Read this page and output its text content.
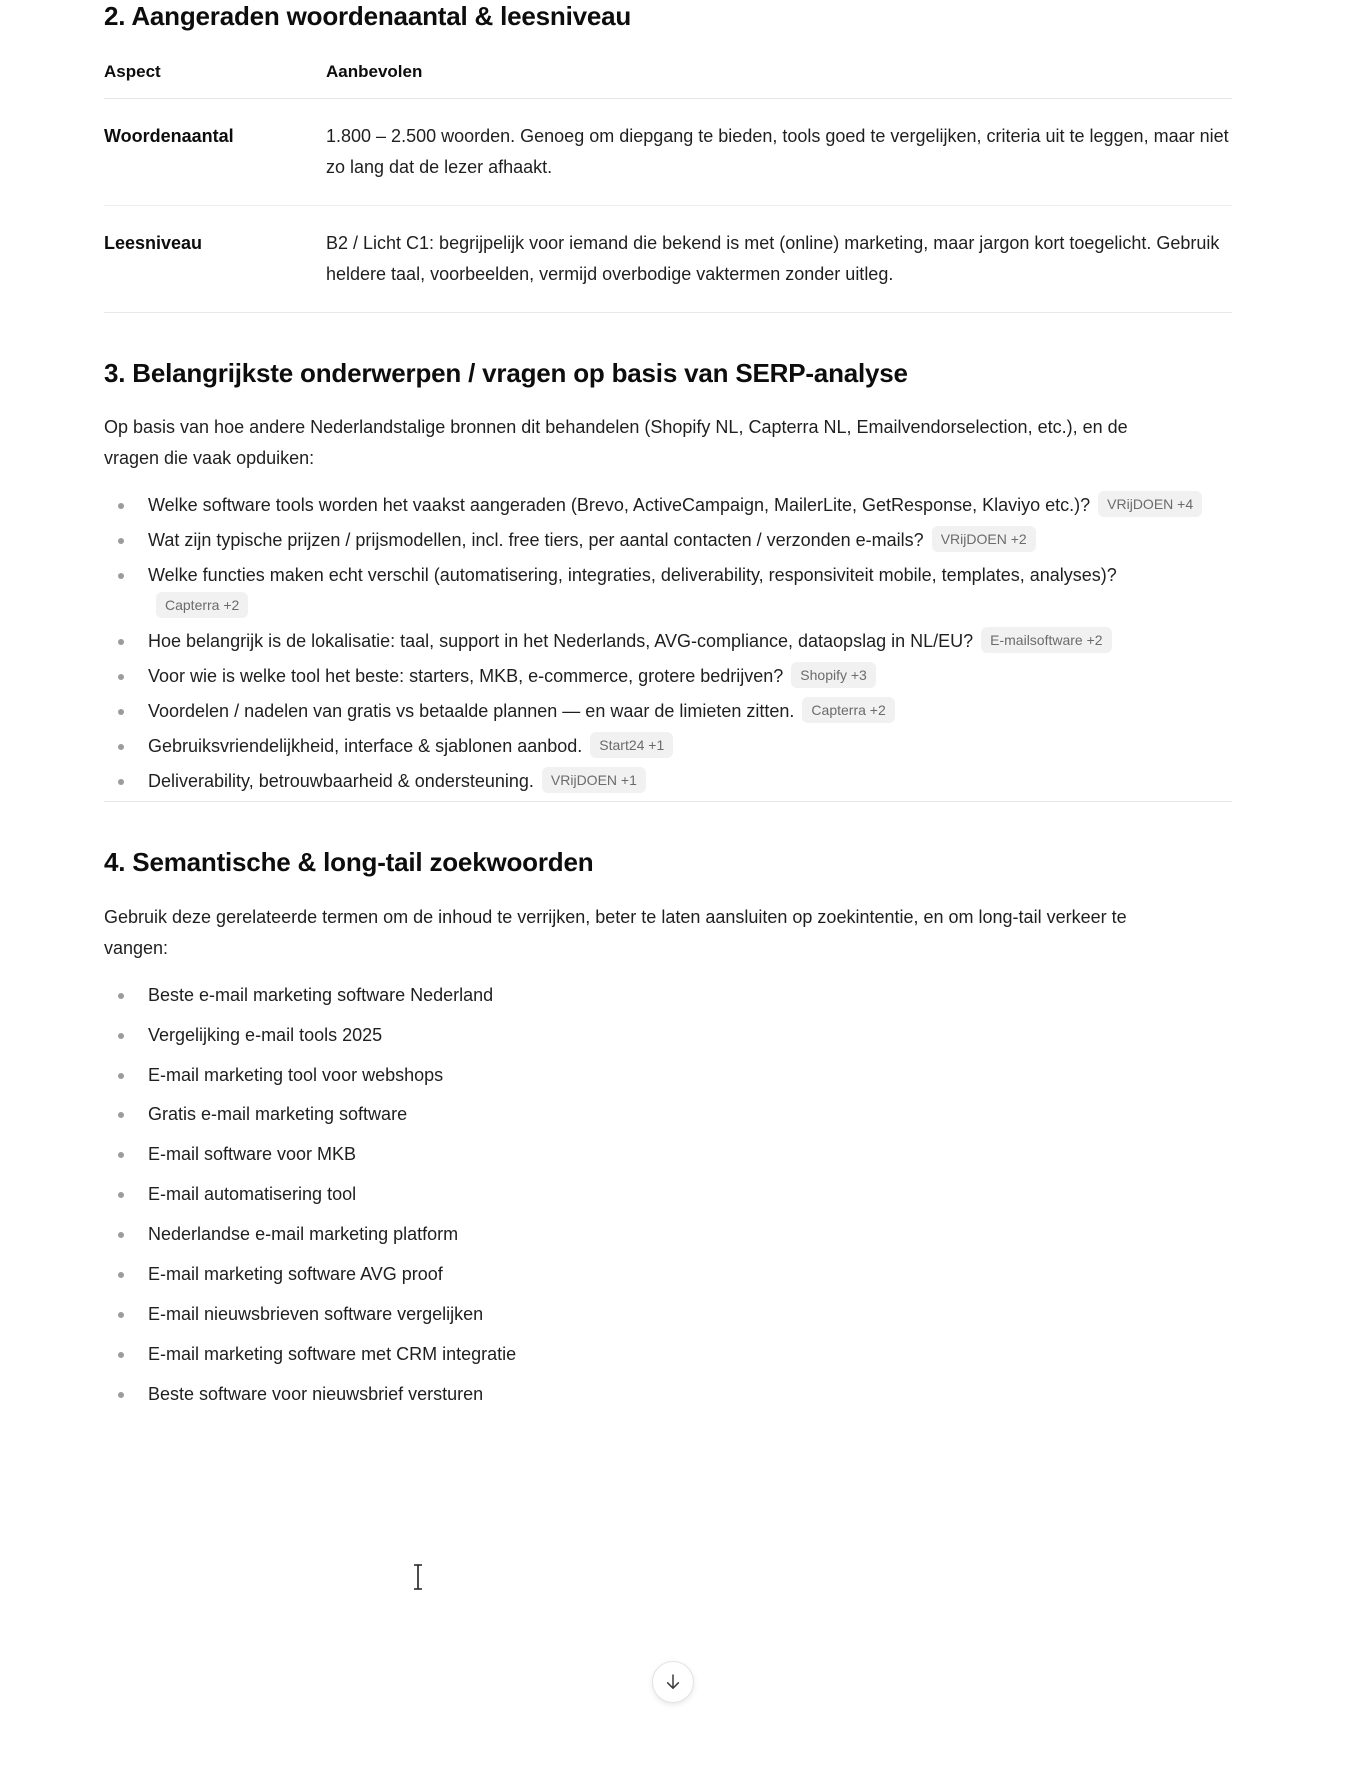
2. Aangeraden woordenaantal & leesniveau
Aspect	Aanbevolen
Woordenaantal	1.800 – 2.500 woorden. Genoeg om diepgang te bieden, tools goed te vergelijken, criteria uit te leggen, maar niet zo lang dat de lezer afhaakt.
Leesniveau	B2 / Licht C1: begrijpelijk voor iemand die bekend is met (online) marketing, maar jargon kort toegelicht. Gebruik heldere taal, voorbeelden, vermijd overbodige vaktermen zonder uitleg.
3. Belangrijkste onderwerpen / vragen op basis van SERP-analyse

Op basis van hoe andere Nederlandstalige bronnen dit behandelen (Shopify NL, Capterra NL, Emailvendorselection, etc.), en de vragen die vaak opduiken:

Welke software tools worden het vaakst aangeraden (Brevo, ActiveCampaign, MailerLite, GetResponse, Klaviyo etc.)? VRijDOEN +4
Wat zijn typische prijzen / prijsmodellen, incl. free tiers, per aantal contacten / verzonden e-mails? VRijDOEN +2
Welke functies maken echt verschil (automatisering, integraties, deliverability, responsiviteit mobile, templates, analyses)?Capterra +2
Hoe belangrijk is de lokalisatie: taal, support in het Nederlands, AVG-compliance, dataopslag in NL/EU? E-mailsoftware +2
Voor wie is welke tool het beste: starters, MKB, e-commerce, grotere bedrijven? Shopify +3
Voordelen / nadelen van gratis vs betaalde plannen — en waar de limieten zitten. Capterra +2
Gebruiksvriendelijkheid, interface & sjablonen aanbod. Start24 +1
Deliverability, betrouwbaarheid & ondersteuning. VRijDOEN +1
4. Semantische & long-tail zoekwoorden

Gebruik deze gerelateerde termen om de inhoud te verrijken, beter te laten aansluiten op zoekintentie, en om long-tail verkeer te vangen:

Beste e-mail marketing software Nederland
Vergelijking e-mail tools 2025
E-mail marketing tool voor webshops
Gratis e-mail marketing software
E-mail software voor MKB
E-mail automatisering tool
Nederlandse e-mail marketing platform
E-mail marketing software AVG proof
E-mail nieuwsbrieven software vergelijken
E-mail marketing software met CRM integratie
Beste software voor nieuwsbrief versturen
